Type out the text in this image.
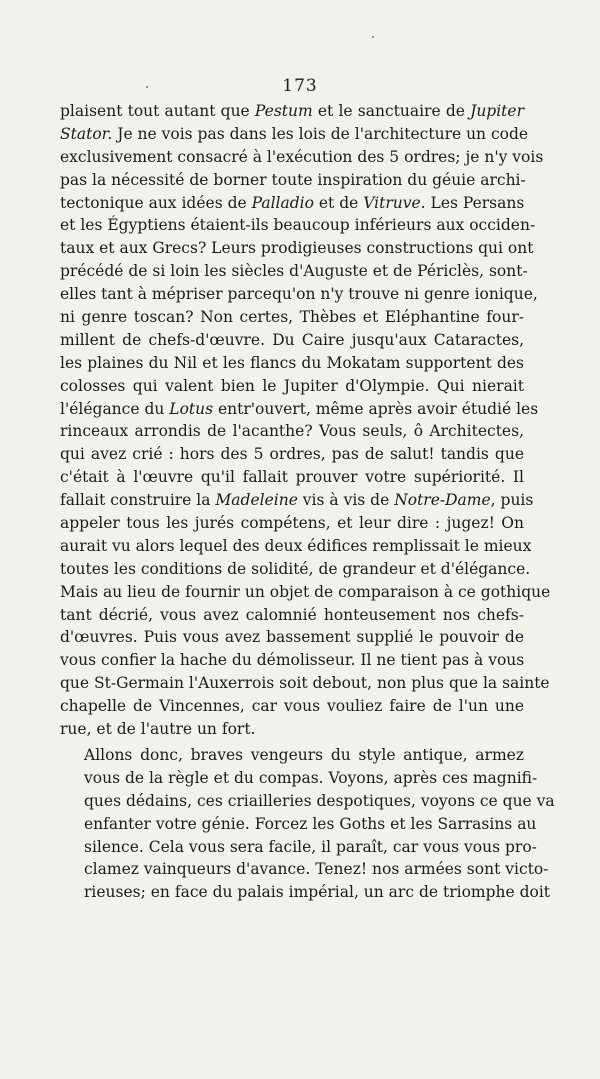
173

plaisent tout autant que Pestum et le sanctuaire de Jupiter
Stator. Je ne vois pas dans les lois de l'architecture un code
exclusivement consacré à l'exécution des 5 ordres; je n'y vois
pas la nécessité de borner toute inspiration du géuie archi-
tectonique aux idées de Palladio et de Vitruve. Les Persans
et les Égyptiens étaient-ils beaucoup inférieurs aux occiden-
taux et aux Grecs? Leurs prodigieuses constructions qui ont
précédé de si loin les siècles d'Auguste et de Périclès, sont-
elles tant à mépriser parcequ'on n'y trouve ni genre ionique,
ni genre toscan? Non certes, Thèbes et Eléphantine four-
millent de chefs-d'œuvre. Du Caire jusqu'aux Cataractes,
les plaines du Nil et les flancs du Mokatam supportent des
colosses qui valent bien le Jupiter d'Olympie. Qui nierait
l'élégance du Lotus entr'ouvert, même après avoir étudié les
rinceaux arrondis de l'acanthe? Vous seuls, ô Architectes,
qui avez crié : hors des 5 ordres, pas de salut! tandis que
c'était à l'œuvre qu'il fallait prouver votre supériorité. Il
fallait construire la Madeleine vis à vis de Notre-Dame, puis
appeler tous les jurés compétens, et leur dire : jugez! On
aurait vu alors lequel des deux édifices remplissait le mieux
toutes les conditions de solidité, de grandeur et d'élégance.
Mais au lieu de fournir un objet de comparaison à ce gothique
tant décrié, vous avez calomnié honteusement nos chefs-
d'œuvres. Puis vous avez bassement supplié le pouvoir de
vous confier la hache du démolisseur. Il ne tient pas à vous
que St-Germain l'Auxerrois soit debout, non plus que la sainte
chapelle de Vincennes, car vous vouliez faire de l'un une
rue, et de l'autre un fort.

Allons donc, braves vengeurs du style antique, armez
vous de la règle et du compas. Voyons, après ces magnifi-
ques dédains, ces criailleries despotiques, voyons ce que va
enfanter votre génie. Forcez les Goths et les Sarrasins au
silence. Cela vous sera facile, il paraît, car vous vous pro-
clamez vainqueurs d'avance. Tenez! nos armées sont victo-
rieuses; en face du palais impérial, un arc de triomphe doit
